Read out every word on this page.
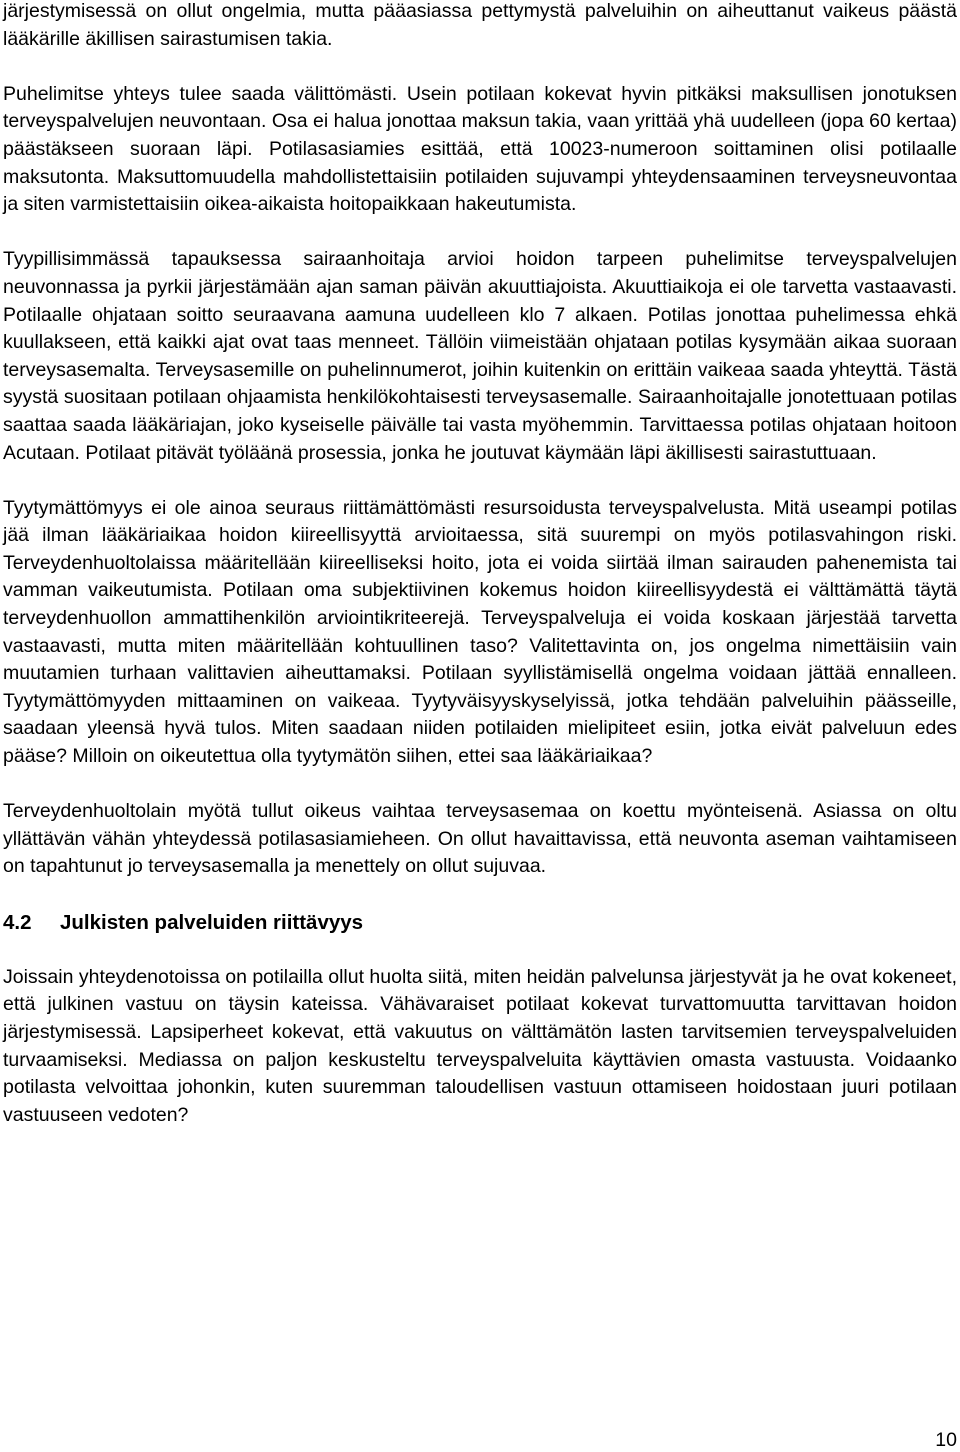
järjestymisessä on ollut ongelmia, mutta pääasiassa pettymystä palveluihin on aiheuttanut vaikeus päästä lääkärille äkillisen sairastumisen takia.

Puhelimitse yhteys tulee saada välittömästi. Usein potilaan kokevat hyvin pitkäksi maksullisen jonotuksen terveyspalvelujen neuvontaan. Osa ei halua jonottaa maksun takia, vaan yrittää yhä uudelleen (jopa 60 kertaa) päästäkseen suoraan läpi. Potilasasiamies esittää, että 10023-numeroon soittaminen olisi potilaalle maksutonta. Maksuttomuudella mahdollistettaisiin potilaiden sujuvampi yhteydensaaminen terveysneuvontaa ja siten varmistettaisiin oikea-aikaista hoitopaikkaan hakeutumista.

Tyypillisimmässä tapauksessa sairaanhoitaja arvioi hoidon tarpeen puhelimitse terveyspalvelujen neuvonnassa ja pyrkii järjestämään ajan saman päivän akuuttiajoista. Akuuttiaikoja ei ole tarvetta vastaavasti. Potilaalle ohjataan soitto seuraavana aamuna uudelleen klo 7 alkaen. Potilas jonottaa puhelimessa ehkä kuullakseen, että kaikki ajat ovat taas menneet. Tällöin viimeistään ohjataan potilas kysymään aikaa suoraan terveysasemalta. Terveysasemille on puhelinnumerot, joihin kuitenkin on erittäin vaikeaa saada yhteyttä. Tästä syystä suositaan potilaan ohjaamista henkilökohtaisesti terveysasemalle. Sairaanhoitajalle jonotettuaan potilas saattaa saada lääkäriajan, joko kyseiselle päivälle tai vasta myöhemmin. Tarvittaessa potilas ohjataan hoitoon Acutaan. Potilaat pitävät työläänä prosessia, jonka he joutuvat käymään läpi äkillisesti sairastuttuaan.

Tyytymättömyys ei ole ainoa seuraus riittämättömästi resursoidusta terveyspalvelusta. Mitä useampi potilas jää ilman lääkäriaikaa hoidon kiireellisyyttä arvioitaessa, sitä suurempi on myös potilasvahingon riski. Terveydenhuoltolaissa määritellään kiireelliseksi hoito, jota ei voida siirtää ilman sairauden pahenemista tai vamman vaikeutumista. Potilaan oma subjektiivinen kokemus hoidon kiireellisyydestä ei välttämättä täytä terveydenhuollon ammattihenkilön arviointikriteerejä. Terveyspalveluja ei voida koskaan järjestää tarvetta vastaavasti, mutta miten määritellään kohtuullinen taso? Valitettavinta on, jos ongelma nimettäisiin vain muutamien turhaan valittavien aiheuttamaksi. Potilaan syyllistämisellä ongelma voidaan jättää ennalleen. Tyytymättömyyden mittaaminen on vaikeaa. Tyytyväisyyskyselyissä, jotka tehdään palveluihin päässeille, saadaan yleensä hyvä tulos. Miten saadaan niiden potilaiden mielipiteet esiin, jotka eivät palveluun edes pääse? Milloin on oikeutettua olla tyytymätön siihen, ettei saa lääkäriaikaa?

Terveydenhuoltolain myötä tullut oikeus vaihtaa terveysasemaa on koettu myönteisenä. Asiassa on oltu yllättävän vähän yhteydessä potilasasiamieheen. On ollut havaittavissa, että neuvonta aseman vaihtamiseen on tapahtunut jo terveysasemalla ja menettely on ollut sujuvaa.

4.2	Julkisten palveluiden riittävyys

Joissain yhteydenotoissa on potilailla ollut huolta siitä, miten heidän palvelunsa järjestyvät ja he ovat kokeneet, että julkinen vastuu on täysin kateissa. Vähävaraiset potilaat kokevat turvattomuutta tarvittavan hoidon järjestymisessä. Lapsiperheet kokevat, että vakuutus on välttämätön lasten tarvitsemien terveyspalveluiden turvaamiseksi. Mediassa on paljon keskusteltu terveyspalveluita käyttävien omasta vastuusta. Voidaanko potilasta velvoittaa johonkin, kuten suuremman taloudellisen vastuun ottamiseen hoidostaan juuri potilaan vastuuseen vedoten?

10
